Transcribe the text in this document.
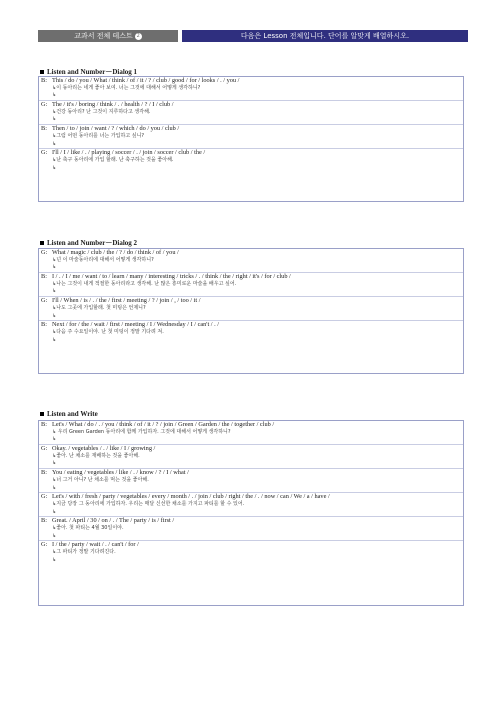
교과서 전체 테스트 2	다음은 Lesson 전체입니다. 단어를 알맞게 배열하시오.
Listen and Number－Dialog 1
B: This / do / you / What / think / of / it / ? / club / good / for / looks / . / you /
↳이 동아리는 네게 좋아 보여. 너는 그것에 대해서 어떻게 생각하니?
↳
G: The / it's / boring / think / . / health / ? / I / club /
↳건강 동아리? 난 그것이 지루하다고 생각해.
↳
B: Then / to / join / want / ? / which / do / you / club /
↳그럼 어떤 동아리를 너는 가입하고 싶니?
↳
G: I'll / I / like / . / playing / soccer / . / join / soccer / club / the /
↳난 축구 동아리에 가입 할래. 난 축구하는 것을 좋아해.
↳
Listen and Number－Dialog 2
G: What / magic / club / the / ? / do / think / of / you /
↳넌 이 마술동아리에 대해서 어떻게 생각하니?
↳
B: I / . / I / me / want / to / learn / many / interesting / tricks / . / think / the / right / it's / for / club /
↳나는 그것이 내게 적절한 동아리라고 생각해. 난 많은 흥미로운 마술을 배우고 싶어.
↳
G: I'll / When / is / . / the / first / meeting / ? / join / , / too / it /
↳나도 그곳에 가입할래. 첫 미팅은 언제니?
↳
B: Next / for / the / wait / first / meeting / I / Wednesday / I / can't / . /
↳다음 주 수요일이야. 난 첫 미팅이 정말 기다려 져.
↳
Listen and Write
B: Let's / What / do / . / you / think / of / it / ? / join / Green / Garden / the / together / club /
↳ 우리 Green Garden 동아리에 함께 가입하자. 그것에 대해서 어떻게 생각하니?
↳
G: Okay. / vegetables / . / like / I / growing /
↳좋아. 난 채소를 재배하는 것을 좋아해.
↳
B: You / eating / vegetables / like / . / know / ? / I / what /
↳너 그거 아니? 난 채소를 먹는 것을 좋아해.
↳
G: Let's / with / fresh / party / vegetables / every / month / . / join / club / right / the / . / now / can / We / a / have /
↳지금 당장 그 동아리에 가입하자. 우리는 매달 신선한 채소를 가지고 파티를 할 수 있어.
↳
B: Great. / April / 30 / on / . / The / party / is / first /
↳좋아. 첫 파티는 4월 30일이야.
↳
G: I / the / party / wait / . / can't / for /
↳그 파티가 정말 기다려진다.
↳
